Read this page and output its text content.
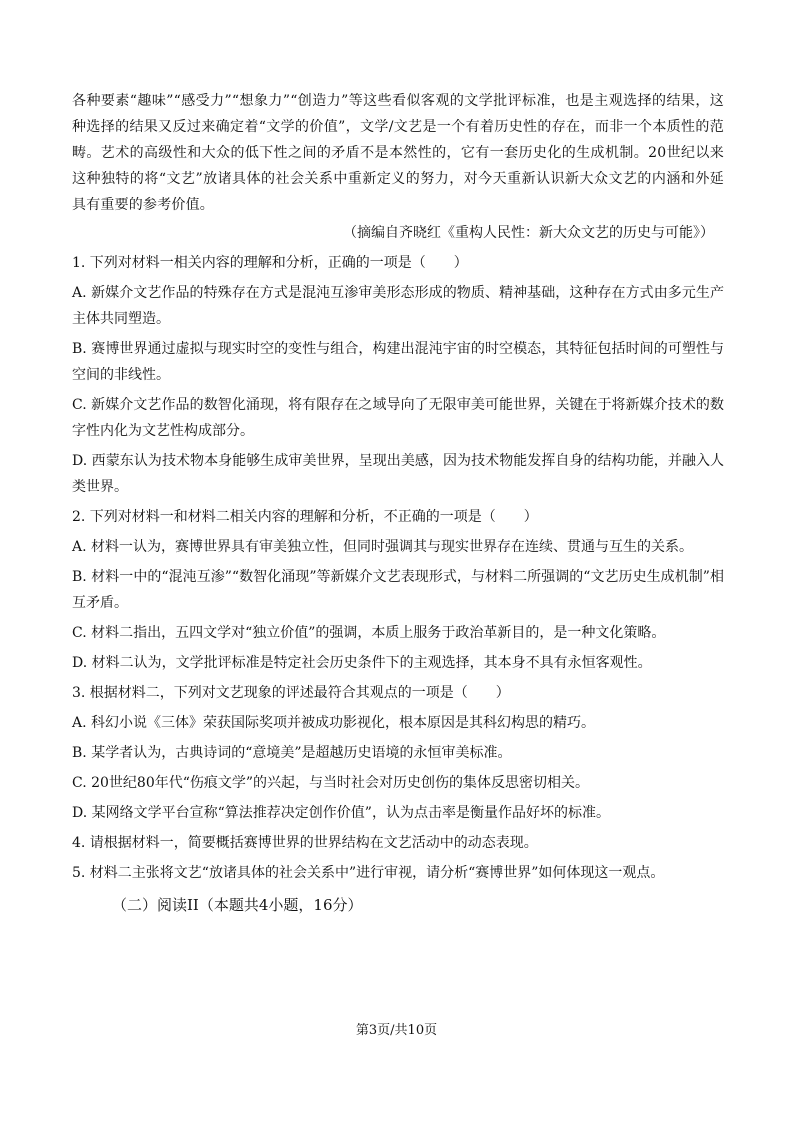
各种要素“趣味”“感受力”“想象力”“创造力”等这些看似客观的文学批评标准，也是主观选择的结果，这种选择的结果又反过来确定着“文学的价值”，文学/文艺是一个有着历史性的存在，而非一个本质性的范畴。艺术的高级性和大众的低下性之间的矛盾不是本然性的，它有一套历史化的生成机制。20世纪以来这种独特的将“文艺”放诸具体的社会关系中重新定义的努力，对今天重新认识新大众文艺的内涵和外延具有重要的参考价值。

（摘编自齐晓红《重构人民性：新大众文艺的历史与可能》）

1. 下列对材料一相关内容的理解和分析，正确的一项是（　　）

A. 新媒介文艺作品的特殊存在方式是混沌互渗审美形态形成的物质、精神基础，这种存在方式由多元生产主体共同塑造。

B. 赛博世界通过虚拟与现实时空的变性与组合，构建出混沌宇宙的时空模态，其特征包括时间的可塑性与空间的非线性。

C. 新媒介文艺作品的数智化涌现，将有限存在之域导向了无限审美可能世界，关键在于将新媒介技术的数字性内化为文艺性构成部分。

D. 西蒙东认为技术物本身能够生成审美世界，呈现出美感，因为技术物能发挥自身的结构功能，并融入人类世界。

2. 下列对材料一和材料二相关内容的理解和分析，不正确的一项是（　　）

A. 材料一认为，赛博世界具有审美独立性，但同时强调其与现实世界存在连续、贯通与互生的关系。

B. 材料一中的“混沌互渗”“数智化涌现”等新媒介文艺表现形式，与材料二所强调的“文艺历史生成机制”相互矛盾。

C. 材料二指出，五四文学对“独立价值”的强调，本质上服务于政治革新目的，是一种文化策略。

D. 材料二认为，文学批评标准是特定社会历史条件下的主观选择，其本身不具有永恒客观性。

3. 根据材料二，下列对文艺现象的评述最符合其观点的一项是（　　）

A. 科幻小说《三体》荣获国际奖项并被成功影视化，根本原因是其科幻构思的精巧。

B. 某学者认为，古典诗词的“意境美”是超越历史语境的永恒审美标准。

C. 20世纪80年代“伤痕文学”的兴起，与当时社会对历史创伤的集体反思密切相关。

D. 某网络文学平台宣称“算法推荐决定创作价值”，认为点击率是衡量作品好坏的标准。

4. 请根据材料一，简要概括赛博世界的世界结构在文艺活动中的动态表现。

5. 材料二主张将文艺“放诸具体的社会关系中”进行审视，请分析“赛博世界”如何体现这一观点。

（二）阅读II（本题共4小题，16分）

第3页/共10页
